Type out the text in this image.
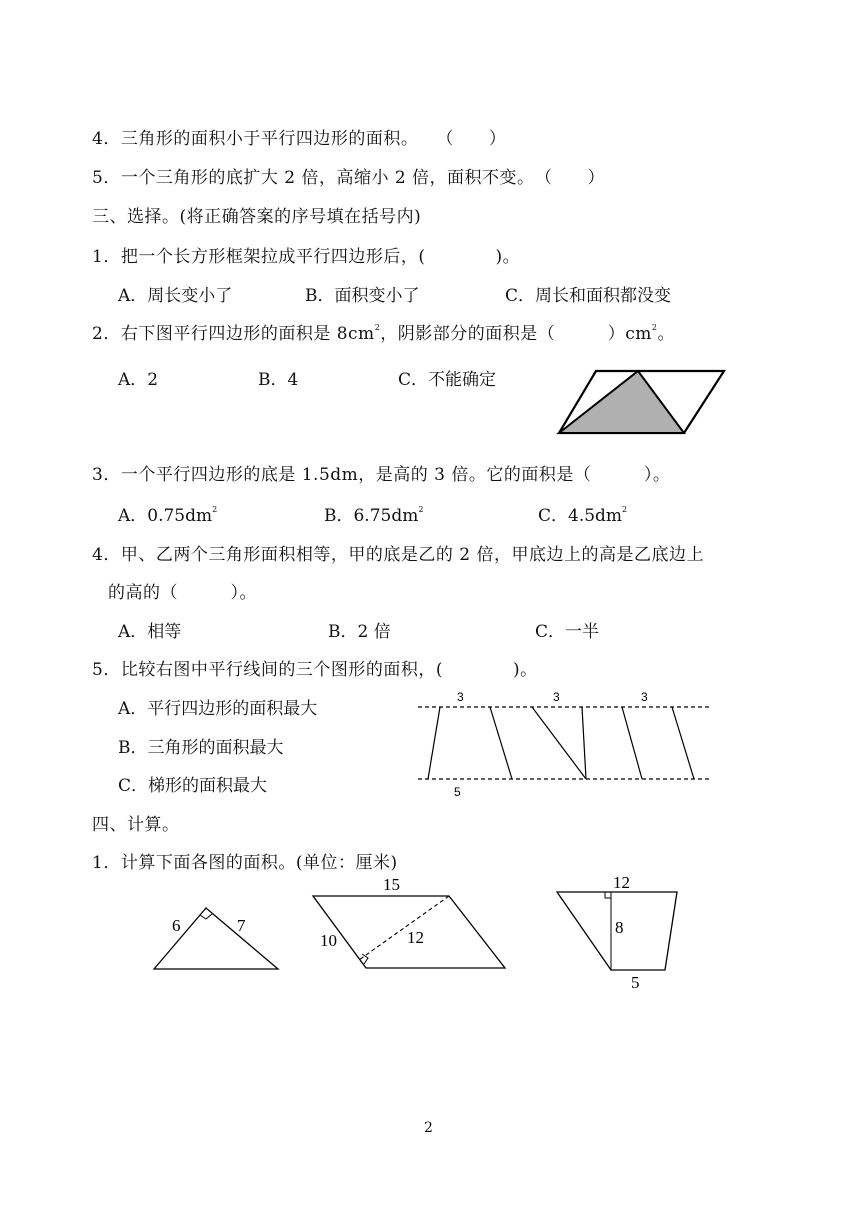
4．三角形的面积小于平行四边形的面积。　　（　　）
5．一个三角形的底扩大 2 倍，高缩小 2 倍，面积不变。　（　　）
三、选择。(将正确答案的序号填在括号内)
1．把一个长方形框架拉成平行四边形后，(　　　　)。
A．周长变小了	B．面积变小了	C．周长和面积都没变
2．右下图平行四边形的面积是 $8cm^2$，阴影部分的面积是（　　　）$cm^2$。
A．2	B．4	C．不能确定
3．一个平行四边形的底是 1.5dm，是高的 3 倍。它的面积是（　　　）。
A．$0.75dm^2$	B．$6.75dm^2$	C．$4.5dm^2$
4．甲、乙两个三角形面积相等，甲的底是乙的 2 倍，甲底边上的高是乙底边上
的高的（　　　）。
A．相等	B．2 倍	C．一半
5．比较右图中平行线间的三个图形的面积，(　　　　)。
A．平行四边形的面积最大
B．三角形的面积最大
C．梯形的面积最大
3	3	3
5
四、计算。
1．计算下面各图的面积。(单位：厘米)
6	7
15
10	12
12
8
5
2
